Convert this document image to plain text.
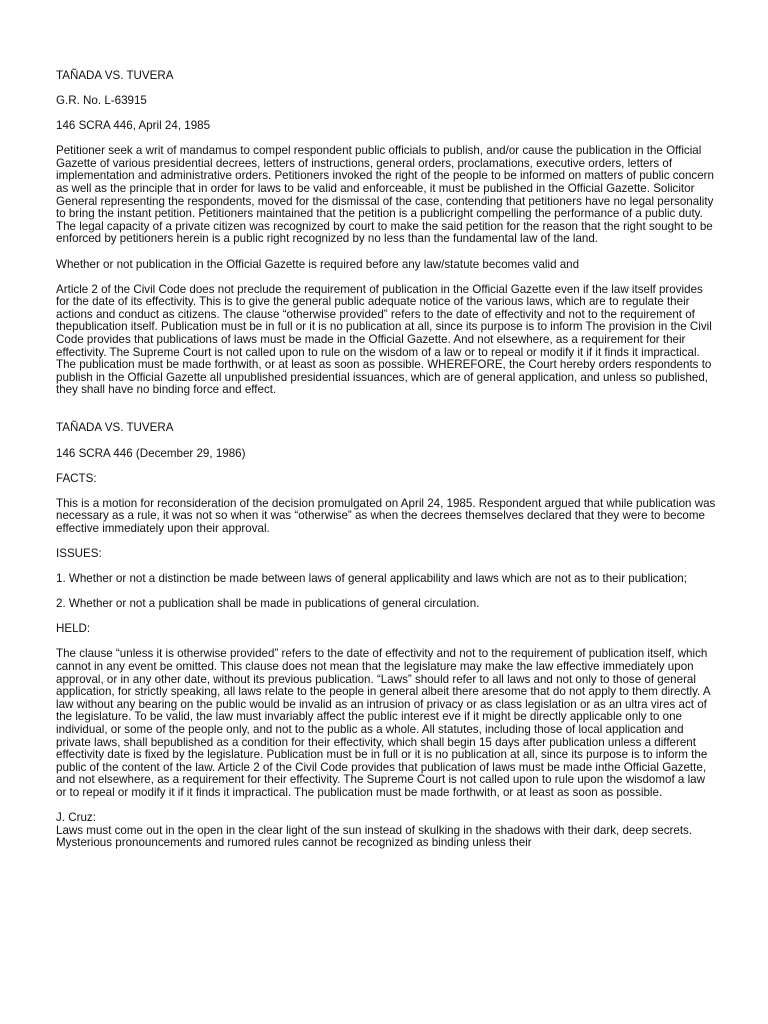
TAÑADA VS. TUVERA

G.R. No. L-63915

146 SCRA 446, April 24, 1985

Petitioner seek a writ of mandamus to compel respondent public officials to publish, and/or cause the publication in the Official Gazette of various presidential decrees, letters of instructions, general orders, proclamations, executive orders, letters of implementation and administrative orders. Petitioners invoked the right of the people to be informed on matters of public concern as well as the principle that in order for laws to be valid and enforceable, it must be published in the Official Gazette. Solicitor General representing the respondents, moved for the dismissal of the case, contending that petitioners have no legal personality to bring the instant petition. Petitioners maintained that the petition is a publicright compelling the performance of a public duty. The legal capacity of a private citizen was recognized by court to make the said petition for the reason that the right sought to be enforced by petitioners herein is a public right recognized by no less than the fundamental law of the land.

Whether or not publication in the Official Gazette is required before any law/statute becomes valid and

Article 2 of the Civil Code does not preclude the requirement of publication in the Official Gazette even if the law itself provides for the date of its effectivity. This is to give the general public adequate notice of the various laws, which are to regulate their actions and conduct as citizens. The clause “otherwise provided” refers to the date of effectivity and not to the requirement of thepublication itself. Publication must be in full or it is no publication at all, since its purpose is to inform The provision in the Civil Code provides that publications of laws must be made in the Official Gazette. And not elsewhere, as a requirement for their effectivity. The Supreme Court is not called upon to rule on the wisdom of a law or to repeal or modify it if it finds it impractical. The publication must be made forthwith, or at least as soon as possible. WHEREFORE, the Court hereby orders respondents to publish in the Official Gazette all unpublished presidential issuances, which are of general application, and unless so published, they shall have no binding force and effect.

TAÑADA VS. TUVERA

146 SCRA 446 (December 29, 1986)

FACTS:

This is a motion for reconsideration of the decision promulgated on April 24, 1985. Respondent argued that while publication was necessary as a rule, it was not so when it was “otherwise” as when the decrees themselves declared that they were to become effective immediately upon their approval.

ISSUES:

1. Whether or not a distinction be made between laws of general applicability and laws which are not as to their publication;

2. Whether or not a publication shall be made in publications of general circulation.

HELD:

The clause “unless it is otherwise provided” refers to the date of effectivity and not to the requirement of publication itself, which cannot in any event be omitted. This clause does not mean that the legislature may make the law effective immediately upon approval, or in any other date, without its previous publication. “Laws” should refer to all laws and not only to those of general application, for strictly speaking, all laws relate to the people in general albeit there aresome that do not apply to them directly. A law without any bearing on the public would be invalid as an intrusion of privacy or as class legislation or as an ultra vires act of the legislature. To be valid, the law must invariably affect the public interest eve if it might be directly applicable only to one individual, or some of the people only, and not to the public as a whole. All statutes, including those of local application and private laws, shall bepublished as a condition for their effectivity, which shall begin 15 days after publication unless a different effectivity date is fixed by the legislature. Publication must be in full or it is no publication at all, since its purpose is to inform the public of the content of the law. Article 2 of the Civil Code provides that publication of laws must be made inthe Official Gazette, and not elsewhere, as a requirement for their effectivity. The Supreme Court is not called upon to rule upon the wisdomof a law or to repeal or modify it if it finds it impractical. The publication must be made forthwith, or at least as soon as possible.

J. Cruz:

Laws must come out in the open in the clear light of the sun instead of skulking in the shadows with their dark, deep secrets. Mysterious pronouncements and rumored rules cannot be recognized as binding unless their
